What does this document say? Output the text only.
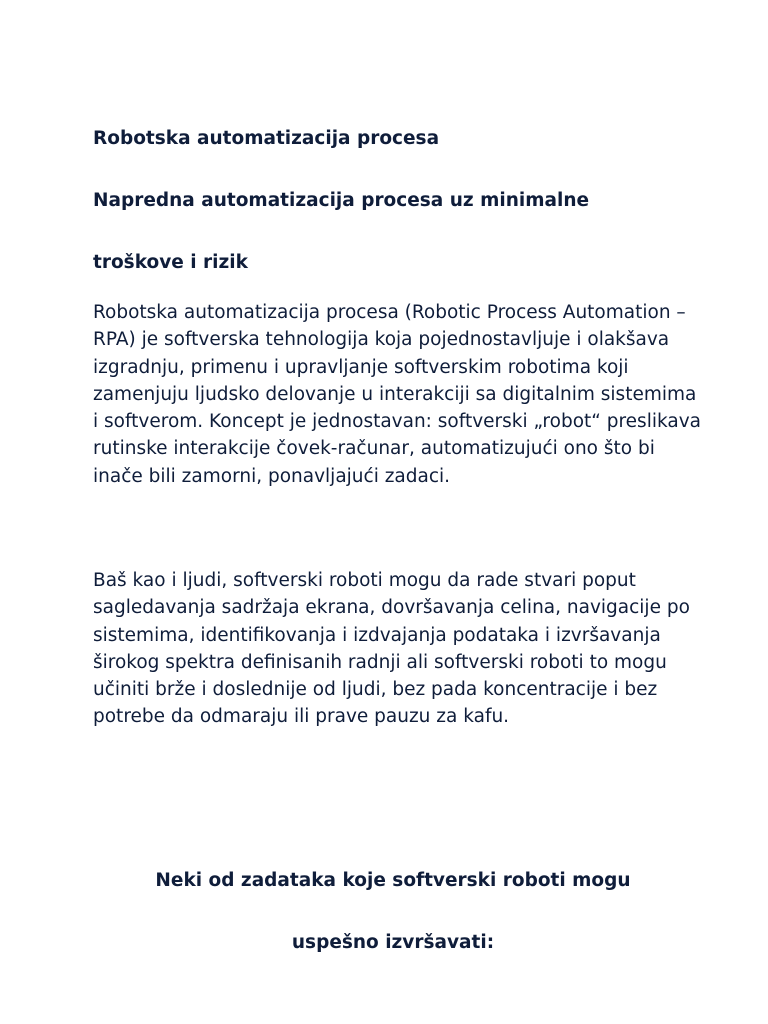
Robotska automatizacija procesa
Napredna automatizacija procesa uz minimalne
troškove i rizik

Robotska automatizacija procesa (Robotic Process Automation – RPA) je softverska tehnologija koja pojednostavljuje i olakšava izgradnju, primenu i upravljanje softverskim robotima koji zamenjuju ljudsko delovanje u interakciji sa digitalnim sistemima i softverom. Koncept je jednostavan: softverski „robot“ preslikava rutinske interakcije čovek-računar, automatizujući ono što bi inače bili zamorni, ponavljajući zadaci.

Baš kao i ljudi, softverski roboti mogu da rade stvari poput sagledavanja sadržaja ekrana, dovršavanja celina, navigacije po sistemima, identifikovanja i izdvajanja podataka i izvršavanja širokog spektra definisanih radnji ali softverski roboti to mogu učiniti brže i doslednije od ljudi, bez pada koncentracije i bez potrebe da odmaraju ili prave pauzu za kafu.

Neki od zadataka koje softverski roboti mogu
uspešno izvršavati:
